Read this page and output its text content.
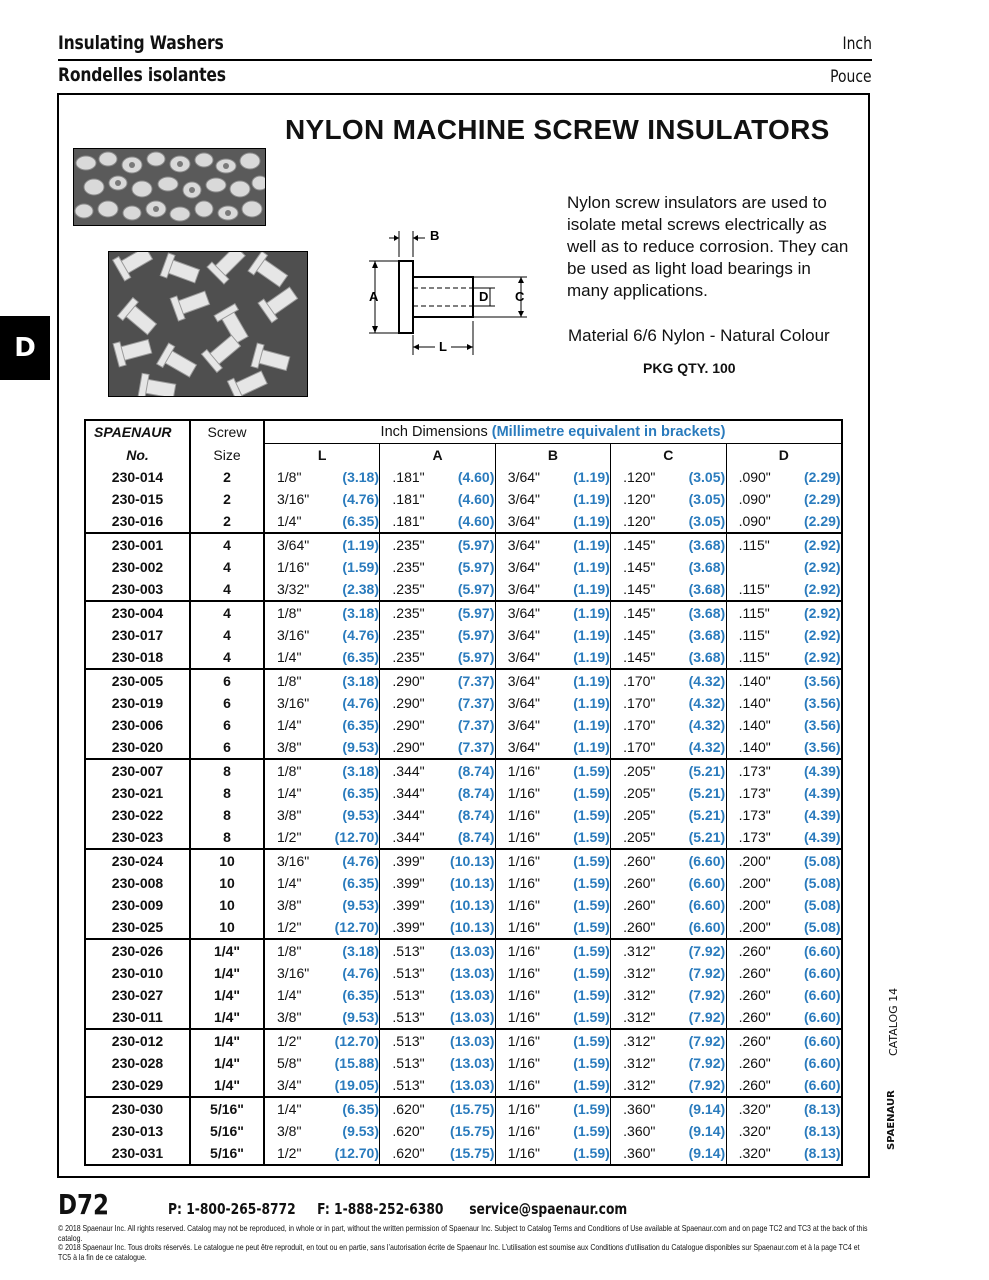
Insulating Washers	Inch
Rondelles isolantes	Pouce
D
NYLON MACHINE SCREW INSULATORS
B
A	D C
L
Nylon screw insulators are used to isolate metal screws electrically as well as to reduce corrosion. They can be used as light load bearings in many applications.
Material 6/6 Nylon - Natural Colour
PKG QTY. 100
SPAENAUR	Screw	Inch Dimensions (Millimetre equivalent in brackets)				
No.	Size	L	A	B	C	D
230-014	2	1/8" (3.18)	.181" (4.60)	3/64" (1.19)	.120" (3.05)	.090" (2.29)
230-015	2	3/16" (4.76)	.181" (4.60)	3/64" (1.19)	.120" (3.05)	.090" (2.29)
230-016	2	1/4" (6.35)	.181" (4.60)	3/64" (1.19)	.120" (3.05)	.090" (2.29)
230-001	4	3/64" (1.19)	.235" (5.97)	3/64" (1.19)	.145" (3.68)	.115" (2.92)
230-002	4	1/16" (1.59)	.235" (5.97)	3/64" (1.19)	.145" (3.68)	(2.92)
230-003	4	3/32" (2.38)	.235" (5.97)	3/64" (1.19)	.145" (3.68)	.115" (2.92)
230-004	4	1/8" (3.18)	.235" (5.97)	3/64" (1.19)	.145" (3.68)	.115" (2.92)
230-017	4	3/16" (4.76)	.235" (5.97)	3/64" (1.19)	.145" (3.68)	.115" (2.92)
230-018	4	1/4" (6.35)	.235" (5.97)	3/64" (1.19)	.145" (3.68)	.115" (2.92)
230-005	6	1/8" (3.18)	.290" (7.37)	3/64" (1.19)	.170" (4.32)	.140" (3.56)
230-019	6	3/16" (4.76)	.290" (7.37)	3/64" (1.19)	.170" (4.32)	.140" (3.56)
230-006	6	1/4" (6.35)	.290" (7.37)	3/64" (1.19)	.170" (4.32)	.140" (3.56)
230-020	6	3/8" (9.53)	.290" (7.37)	3/64" (1.19)	.170" (4.32)	.140" (3.56)
230-007	8	1/8" (3.18)	.344" (8.74)	1/16" (1.59)	.205" (5.21)	.173" (4.39)
230-021	8	1/4" (6.35)	.344" (8.74)	1/16" (1.59)	.205" (5.21)	.173" (4.39)
230-022	8	3/8" (9.53)	.344" (8.74)	1/16" (1.59)	.205" (5.21)	.173" (4.39)
230-023	8	1/2" (12.70)	.344" (8.74)	1/16" (1.59)	.205" (5.21)	.173" (4.39)
230-024	10	3/16" (4.76)	.399" (10.13)	1/16" (1.59)	.260" (6.60)	.200" (5.08)
230-008	10	1/4" (6.35)	.399" (10.13)	1/16" (1.59)	.260" (6.60)	.200" (5.08)
230-009	10	3/8" (9.53)	.399" (10.13)	1/16" (1.59)	.260" (6.60)	.200" (5.08)
230-025	10	1/2" (12.70)	.399" (10.13)	1/16" (1.59)	.260" (6.60)	.200" (5.08)
230-026	1/4"	1/8" (3.18)	.513" (13.03)	1/16" (1.59)	.312" (7.92)	.260" (6.60)
230-010	1/4"	3/16" (4.76)	.513" (13.03)	1/16" (1.59)	.312" (7.92)	.260" (6.60)
230-027	1/4"	1/4" (6.35)	.513" (13.03)	1/16" (1.59)	.312" (7.92)	.260" (6.60)
230-011	1/4"	3/8" (9.53)	.513" (13.03)	1/16" (1.59)	.312" (7.92)	.260" (6.60)
230-012	1/4"	1/2" (12.70)	.513" (13.03)	1/16" (1.59)	.312" (7.92)	.260" (6.60)
230-028	1/4"	5/8" (15.88)	.513" (13.03)	1/16" (1.59)	.312" (7.92)	.260" (6.60)
230-029	1/4"	3/4" (19.05)	.513" (13.03)	1/16" (1.59)	.312" (7.92)	.260" (6.60)
230-030	5/16"	1/4" (6.35)	.620" (15.75)	1/16" (1.59)	.360" (9.14)	.320" (8.13)
230-013	5/16"	3/8" (9.53)	.620" (15.75)	1/16" (1.59)	.360" (9.14)	.320" (8.13)
230-031	5/16"	1/2" (12.70)	.620" (15.75)	1/16" (1.59)	.360" (9.14)	.320" (8.13)
CATALOG 14
SPAENAUR
D72	P: 1-800-265-8772 F: 1-888-252-6380 service@spaenaur.com
© 2018 Spaenaur Inc. All rights reserved. Catalog may not be reproduced, in whole or in part, without the written permission of Spaenaur Inc. Subject to Catalog Terms and Conditions of Use available at Spaenaur.com and on page TC2 and TC3 at the back of this catalog.
© 2018 Spaenaur Inc. Tous droits réservés. Le catalogue ne peut être reproduit, en tout ou en partie, sans l’autorisation écrite de Spaenaur Inc. L’utilisation est soumise aux Conditions d’utilisation du Catalogue disponibles sur Spaenaur.com et à la page TC4 et TC5 à la fin de ce catalogue.
